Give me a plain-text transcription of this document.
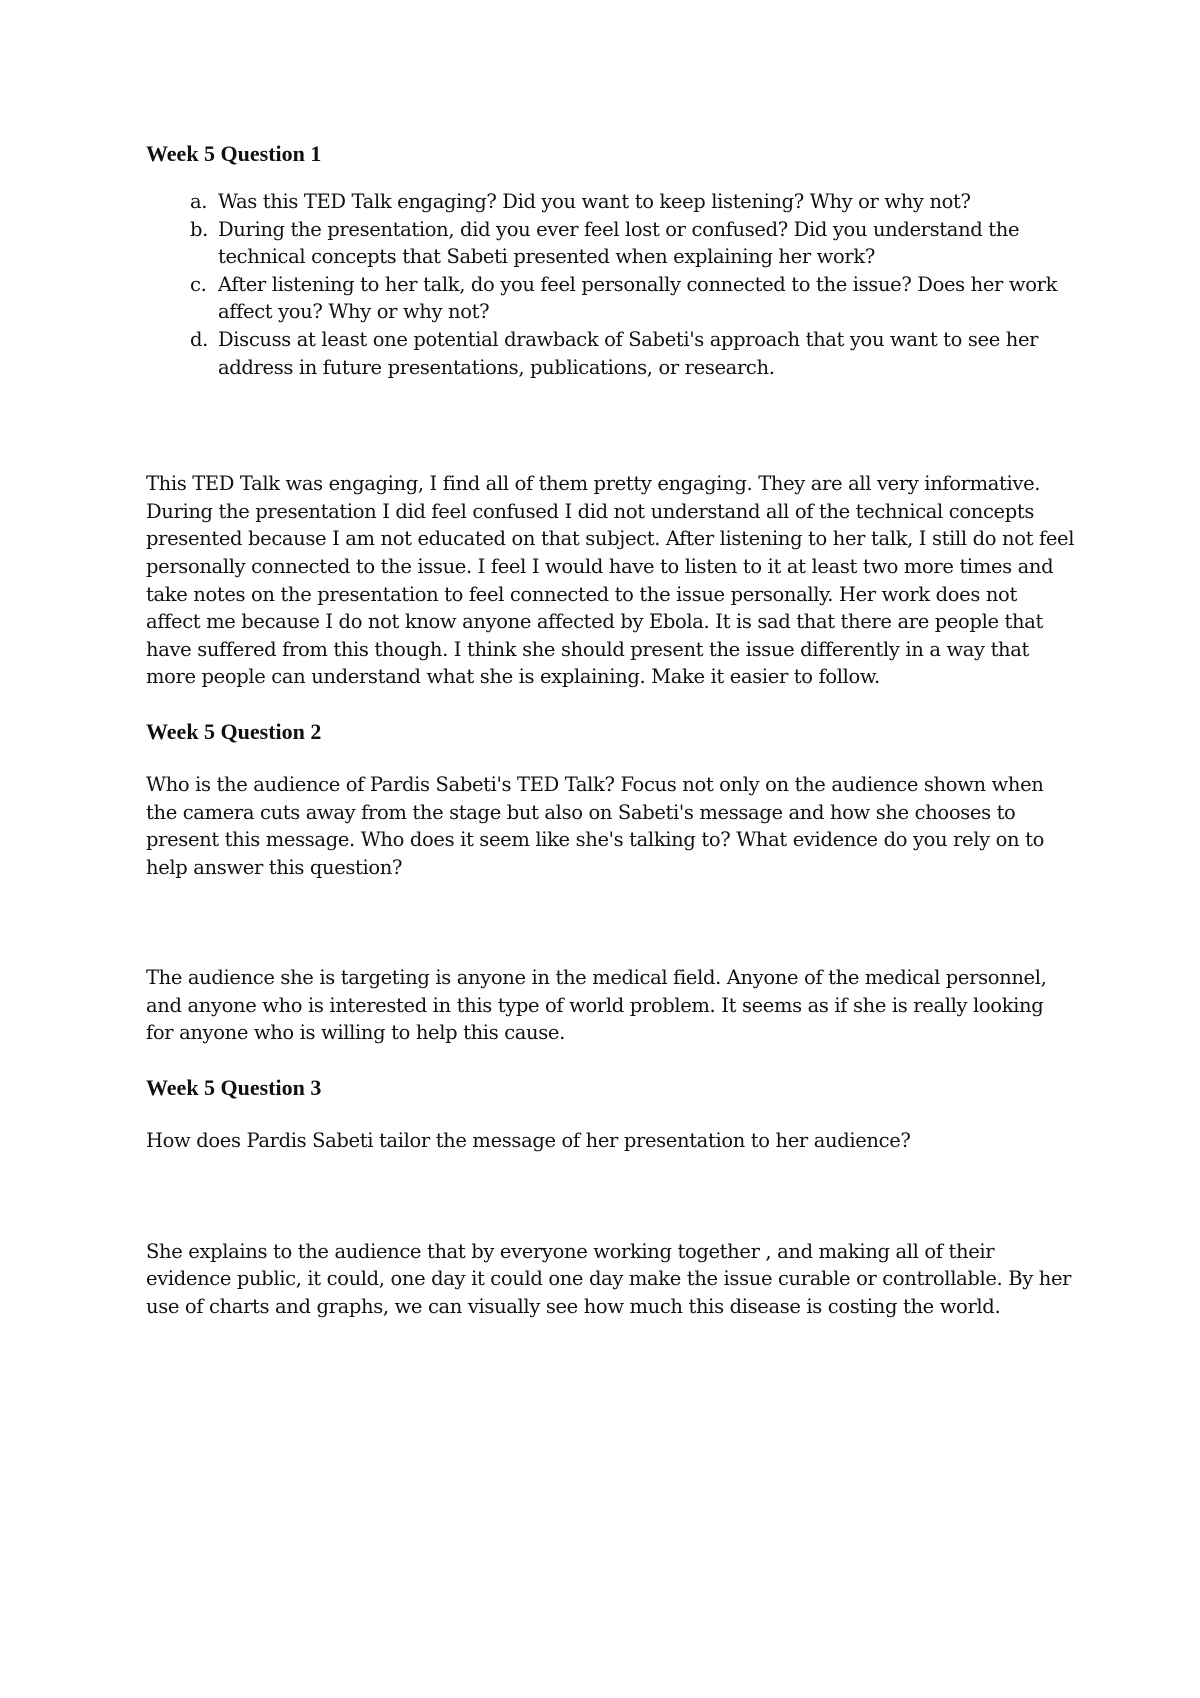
Week 5 Question 1
a. Was this TED Talk engaging? Did you want to keep listening? Why or why not?
b. During the presentation, did you ever feel lost or confused? Did you understand the technical concepts that Sabeti presented when explaining her work?
c. After listening to her talk, do you feel personally connected to the issue? Does her work affect you? Why or why not?
d. Discuss at least one potential drawback of Sabeti's approach that you want to see her address in future presentations, publications, or research.

This TED Talk was engaging, I find all of them pretty engaging. They are all very informative. During the presentation I did feel confused I did not understand all of the technical concepts presented because I am not educated on that subject. After listening to her talk, I still do not feel personally connected to the issue. I feel I would have to listen to it at least two more times and take notes on the presentation to feel connected to the issue personally. Her work does not affect me because I do not know anyone affected by Ebola. It is sad that there are people that have suffered from this though. I think she should present the issue differently in a way that more people can understand what she is explaining. Make it easier to follow.

Week 5 Question 2

Who is the audience of Pardis Sabeti's TED Talk? Focus not only on the audience shown when the camera cuts away from the stage but also on Sabeti's message and how she chooses to present this message. Who does it seem like she's talking to? What evidence do you rely on to help answer this question?

The audience she is targeting is anyone in the medical field. Anyone of the medical personnel, and anyone who is interested in this type of world problem. It seems as if she is really looking for anyone who is willing to help this cause.

Week 5 Question 3

How does Pardis Sabeti tailor the message of her presentation to her audience?

She explains to the audience that by everyone working together , and making all of their evidence public, it could, one day it could one day make the issue curable or controllable. By her use of charts and graphs, we can visually see how much this disease is costing the world.
